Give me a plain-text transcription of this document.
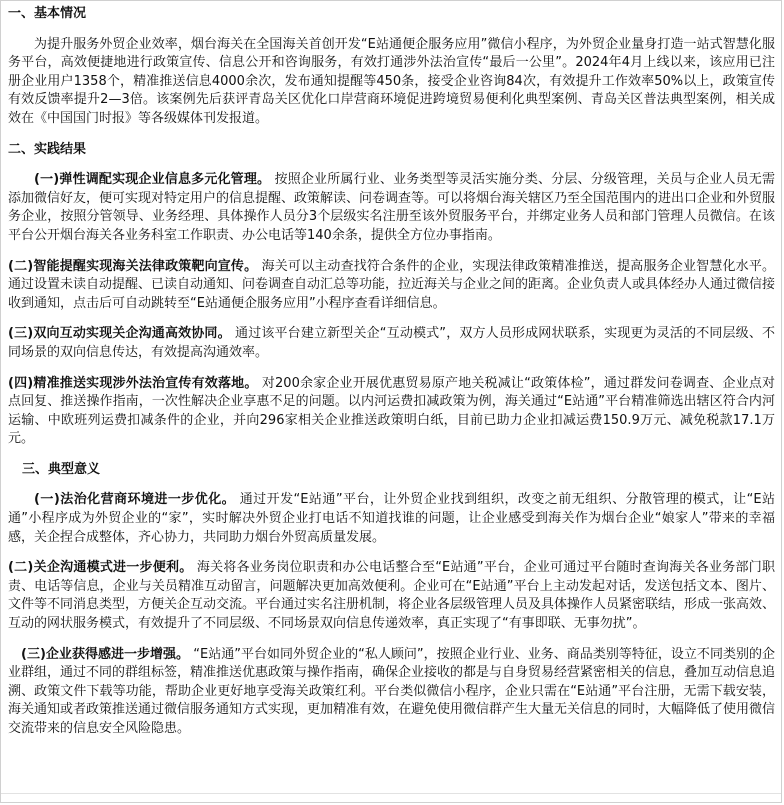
一、基本情况

为提升服务外贸企业效率，烟台海关在全国海关首创开发“E站通便企服务应用”微信小程序，为外贸企业量身打造一站式智慧化服务平台，高效便捷地进行政策宣传、信息公开和咨询服务，有效打通涉外法治宣传“最后一公里”。2024年4月上线以来，该应用已注册企业用户1358个，精准推送信息4000余次，发布通知提醒等450条，接受企业咨询84次，有效提升工作效率50%以上，政策宣传有效反馈率提升2—3倍。该案例先后获评青岛关区优化口岸营商环境促进跨境贸易便利化典型案例、青岛关区普法典型案例，相关成效在《中国国门时报》等各级媒体刊发报道。

二、实践结果

(一)弹性调配实现企业信息多元化管理。 按照企业所属行业、业务类型等灵活实施分类、分层、分级管理，关员与企业人员无需添加微信好友，便可实现对特定用户的信息提醒、政策解读、问卷调查等。可以将烟台海关辖区乃至全国范围内的进出口企业和外贸服务企业，按照分管领导、业务经理、具体操作人员分3个层级实名注册至该外贸服务平台，并绑定业务人员和部门管理人员微信。在该平台公开烟台海关各业务科室工作职责、办公电话等140余条，提供全方位办事指南。

(二)智能提醒实现海关法律政策靶向宣传。 海关可以主动查找符合条件的企业，实现法律政策精准推送，提高服务企业智慧化水平。通过设置未读自动提醒、已读自动通知、问卷调查自动汇总等功能，拉近海关与企业之间的距离。企业负责人或具体经办人通过微信接收到通知，点击后可自动跳转至“E站通便企服务应用”小程序查看详细信息。

(三)双向互动实现关企沟通高效协同。 通过该平台建立新型关企“互动模式”，双方人员形成网状联系，实现更为灵活的不同层级、不同场景的双向信息传达，有效提高沟通效率。

(四)精准推送实现涉外法治宣传有效落地。 对200余家企业开展优惠贸易原产地关税减让“政策体检”，通过群发问卷调查、企业点对点回复、推送操作指南，一次性解决企业享惠不足的问题。以内河运费扣减政策为例，海关通过“E站通”平台精准筛选出辖区符合内河运输、中欧班列运费扣减条件的企业，并向296家相关企业推送政策明白纸，目前已助力企业扣减运费150.9万元、减免税款17.1万元。

三、典型意义

(一)法治化营商环境进一步优化。 通过开发“E站通”平台，让外贸企业找到组织，改变之前无组织、分散管理的模式，让“E站通”小程序成为外贸企业的“家”，实时解决外贸企业打电话不知道找谁的问题，让企业感受到海关作为烟台企业“娘家人”带来的幸福感，关企捏合成整体，齐心协力，共同助力烟台外贸高质量发展。

(二)关企沟通模式进一步便利。 海关将各业务岗位职责和办公电话整合至“E站通”平台，企业可通过平台随时查询海关各业务部门职责、电话等信息，企业与关员精准互动留言，问题解决更加高效便利。企业可在“E站通”平台上主动发起对话，发送包括文本、图片、文件等不同消息类型，方便关企互动交流。平台通过实名注册机制，将企业各层级管理人员及具体操作人员紧密联结，形成一张高效、互动的网状服务模式，有效提升了不同层级、不同场景双向信息传递效率，真正实现了“有事即联、无事勿扰”。

(三)企业获得感进一步增强。 “E站通”平台如同外贸企业的“私人顾问”，按照企业行业、业务、商品类别等特征，设立不同类别的企业群组，通过不同的群组标签，精准推送优惠政策与操作指南，确保企业接收的都是与自身贸易经营紧密相关的信息，叠加互动信息追溯、政策文件下载等功能，帮助企业更好地享受海关政策红利。平台类似微信小程序，企业只需在“E站通”平台注册，无需下载安装，海关通知或者政策推送通过微信服务通知方式实现，更加精准有效，在避免使用微信群产生大量无关信息的同时，大幅降低了使用微信交流带来的信息安全风险隐患。
